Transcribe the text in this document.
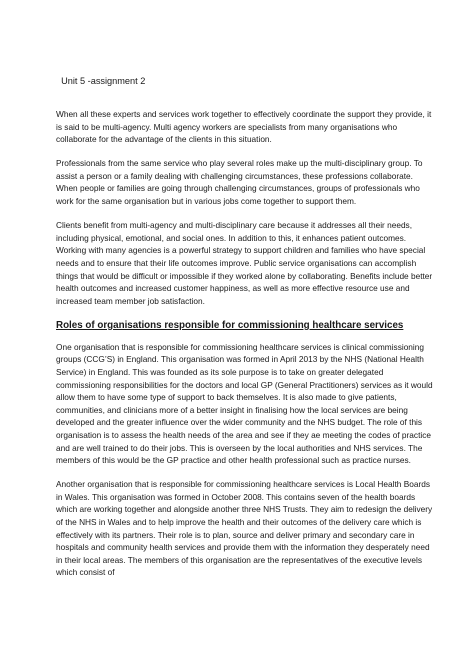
Unit 5 -assignment 2

When all these experts and services work together to effectively coordinate the support they provide, it is said to be multi-agency. Multi agency workers are specialists from many organisations who collaborate for the advantage of the clients in this situation.

Professionals from the same service who play several roles make up the multi-disciplinary group. To assist a person or a family dealing with challenging circumstances, these professions collaborate. When people or families are going through challenging circumstances, groups of professionals who work for the same organisation but in various jobs come together to support them.

Clients benefit from multi-agency and multi-disciplinary care because it addresses all their needs, including physical, emotional, and social ones. In addition to this, it enhances patient outcomes. Working with many agencies is a powerful strategy to support children and families who have special needs and to ensure that their life outcomes improve. Public service organisations can accomplish things that would be difficult or impossible if they worked alone by collaborating. Benefits include better health outcomes and increased customer happiness, as well as more effective resource use and increased team member job satisfaction.

Roles of organisations responsible for commissioning healthcare services

One organisation that is responsible for commissioning healthcare services is clinical commissioning groups (CCG’S) in England. This organisation was formed in April 2013 by the NHS (National Health Service) in England. This was founded as its sole purpose is to take on greater delegated commissioning responsibilities for the doctors and local GP (General Practitioners) services as it would allow them to have some type of support to back themselves. It is also made to give patients, communities, and clinicians more of a better insight in finalising how the local services are being developed and the greater influence over the wider community and the NHS budget. The role of this organisation is to assess the health needs of the area and see if they ae meeting the codes of practice and are well trained to do their jobs. This is overseen by the local authorities and NHS services. The members of this would be the GP practice and other health professional such as practice nurses.

Another organisation that is responsible for commissioning healthcare services is Local Health Boards in Wales. This organisation was formed in October 2008. This contains seven of the health boards which are working together and alongside another three NHS Trusts. They aim to redesign the delivery of the NHS in Wales and to help improve the health and their outcomes of the delivery care which is effectively with its partners. Their role is to plan, source and deliver primary and secondary care in hospitals and community health services and provide them with the information they desperately need in their local areas. The members of this organisation are the representatives of the executive levels which consist of
